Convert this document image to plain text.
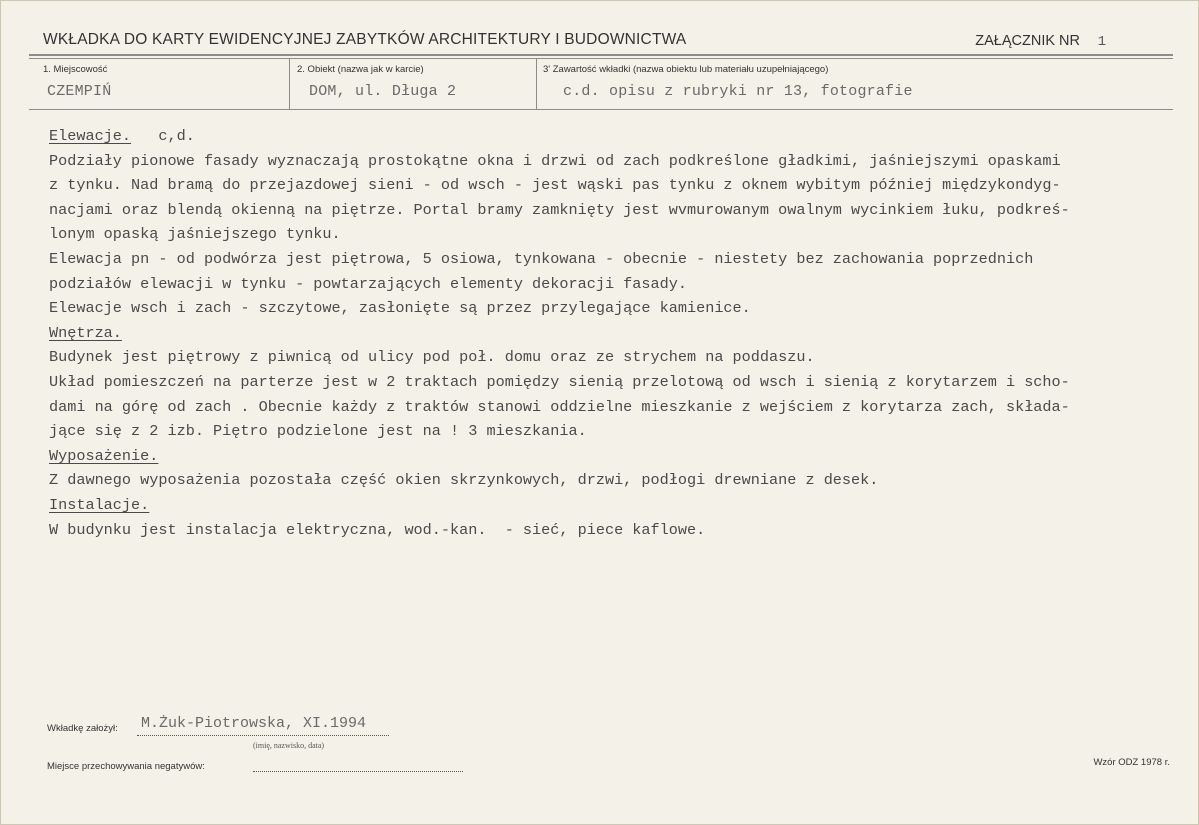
WKŁADKA DO KARTY EWIDENCYJNEJ ZABYTKÓW ARCHITEKTURY I BUDOWNICTWA	ZAŁĄCZNIK NR 1
1. Miejscowość
CZEMPIŃ
2. Obiekt (nazwa jak w karcie)
DOM, ul. Długa 2
3' Zawartość wkładki (nazwa obiektu lub materiału uzupełniającego)
c.d. opisu z rubryki nr 13, fotografie
Elewacje.   c,d.
Podziały pionowe fasady wyznaczają prostokątne okna i drzwi od zach podkreślone gładkimi, jaśniejszymi opaskami
z tynku. Nad bramą do przejazdowej sieni - od wsch - jest wąski pas tynku z oknem wybitym później międzykondyg-
nacjami oraz blendą okienną na piętrze. Portal bramy zamknięty jest wvmurowanym owalnym wycinkiem łuku, podkreś-
lonym opaską jaśniejszego tynku.
Elewacja pn - od podwórza jest piętrowa, 5 osiowa, tynkowana - obecnie - niestety bez zachowania poprzednich
podziałów elewacji w tynku - powtarzających elementy dekoracji fasady.
Elewacje wsch i zach - szczytowe, zasłonięte są przez przylegające kamienice.
Wnętrza.
Budynek jest piętrowy z piwnicą od ulicy pod poł. domu oraz ze strychem na poddaszu.
Układ pomieszczeń na parterze jest w 2 traktach pomiędzy sienią przelotową od wsch i sienią z korytarzem i scho-
dami na górę od zach . Obecnie każdy z traktów stanowi oddzielne mieszkanie z wejściem z korytarza zach, składa-
jące się z 2 izb. Piętro podzielone jest na ! 3 mieszkania.
Wyposażenie.
Z dawnego wyposażenia pozostała część okien skrzynkowych, drzwi, podłogi drewniane z desek.
Instalacje.
W budynku jest instalacja elektryczna, wod.-kan.  - sieć, piece kaflowe.
Wkładkę założył: M.Żuk-Piotrowska, XI.1994
(imię, nazwisko, data)
Miejsce przechowywania negatywów:	Wzór ODZ 1978 r.
